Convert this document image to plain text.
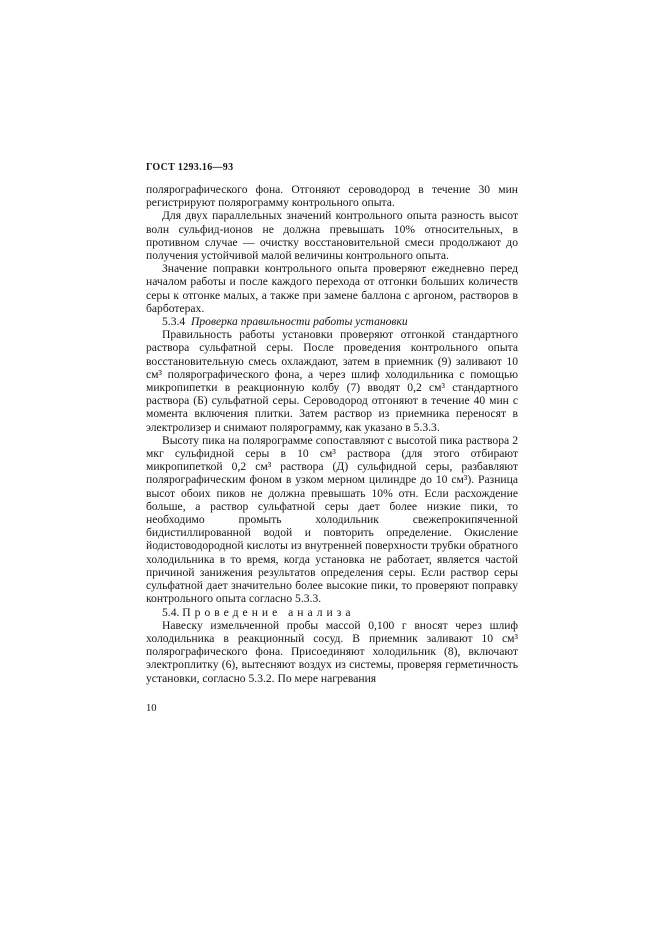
ГОСТ 1293.16—93

полярографического фона. Отгоняют сероводород в течение 30 мин регистрируют полярограмму контрольного опыта.

Для двух параллельных значений контрольного опыта разность высот волн сульфид-ионов не должна превышать 10% относительных, в противном случае — очистку восстановительной смеси продолжают до получения устойчивой малой величины контрольного опыта.

Значение поправки контрольного опыта проверяют ежедневно перед началом работы и после каждого перехода от отгонки больших количеств серы к отгонке малых, а также при замене баллона с аргоном, растворов в барботерах.

5.3.4 Проверка правильности работы установки

Правильность работы установки проверяют отгонкой стандартного раствора сульфатной серы. После проведения контрольного опыта восстановительную смесь охлаждают, затем в приемник (9) заливают 10 см³ полярографического фона, а через шлиф холодильника с помощью микропипетки в реакционную колбу (7) вводят 0,2 см³ стандартного раствора (Б) сульфатной серы. Сероводород отгоняют в течение 40 мин с момента включения плитки. Затем раствор из приемника переносят в электролизер и снимают полярограмму, как указано в 5.3.3.

Высоту пика на полярограмме сопоставляют с высотой пика раствора 2 мкг сульфидной серы в 10 см³ раствора (для этого отбирают микропипеткой 0,2 см³ раствора (Д) сульфидной серы, разбавляют полярографическим фоном в узком мерном цилиндре до 10 см³). Разница высот обоих пиков не должна превышать 10% отн. Если расхождение больше, а раствор сульфатной серы дает более низкие пики, то необходимо промыть холодильник свежепрокипяченной бидистиллированной водой и повторить определение. Окисление йодистоводородной кислоты из внутренней поверхности трубки обратного холодильника в то время, когда установка не работает, является частой причиной занижения результатов определения серы. Если раствор серы сульфатной дает значительно более высокие пики, то проверяют поправку контрольного опыта согласно 5.3.3.

5.4. Проведение анализа

Навеску измельченной пробы массой 0,100 г вносят через шлиф холодильника в реакционный сосуд. В приемник заливают 10 см³ полярографического фона. Присоединяют холодильник (8), включают электроплитку (6), вытесняют воздух из системы, проверяя герметичность установки, согласно 5.3.2. По мере нагревания

10
